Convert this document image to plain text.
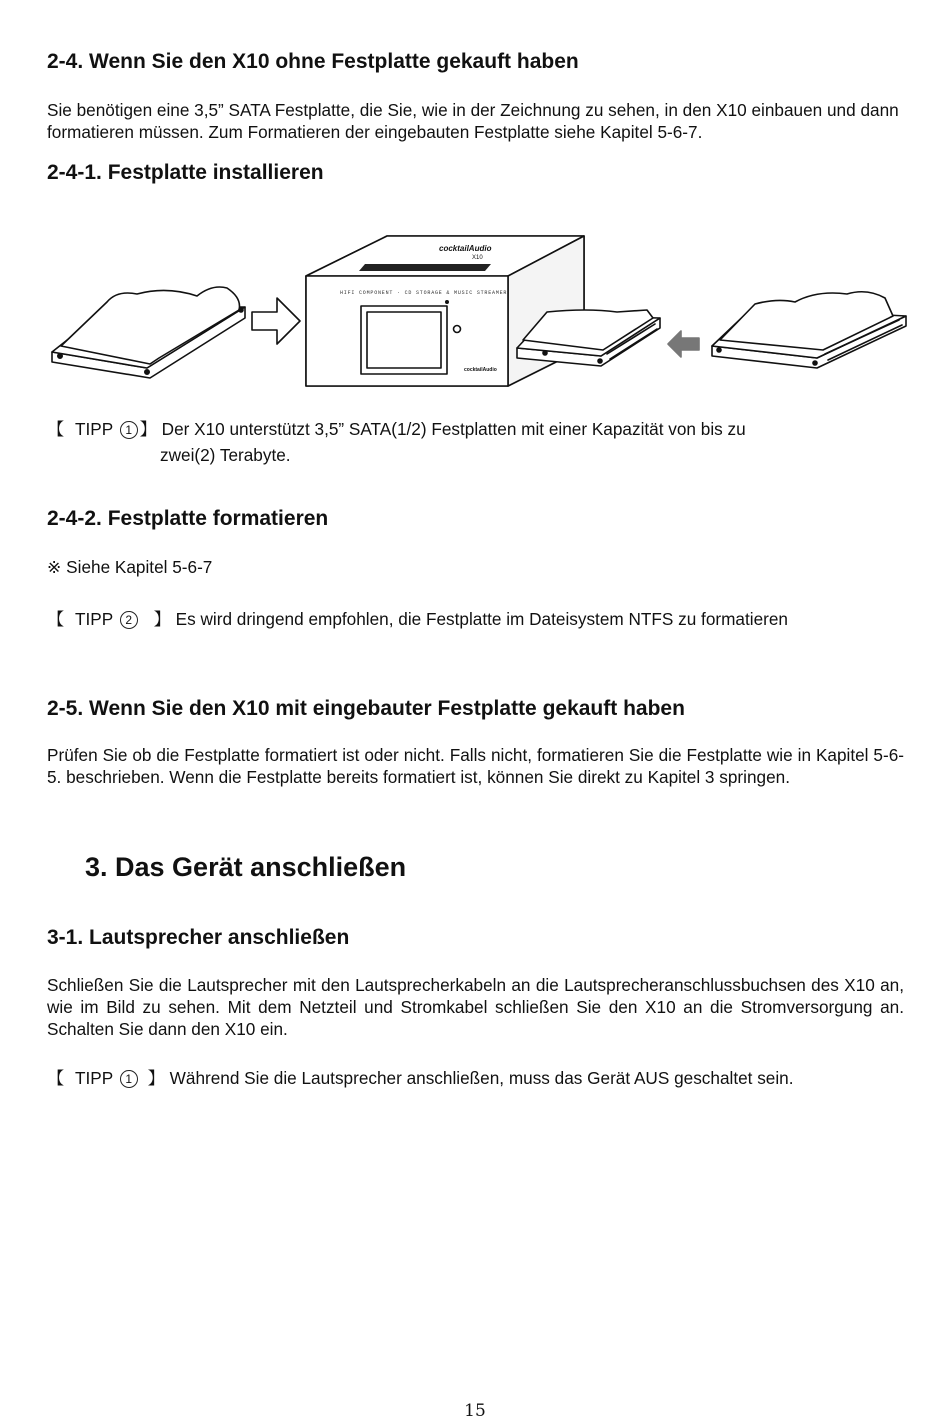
2-4. Wenn Sie den X10 ohne Festplatte gekauft haben

Sie benötigen eine 3,5” SATA Festplatte, die Sie, wie in der Zeichnung zu sehen, in den X10 einbauen und dann formatieren müssen. Zum Formatieren der eingebauten Festplatte siehe Kapitel 5-6-7.

2-4-1. Festplatte installieren
cocktailAudio
X10
HIFI COMPONENT · CD STORAGE & MUSIC STREAMER
cocktailAudio
【 TIPP 1 】 Der X10 unterstützt 3,5” SATA(1/2) Festplatten mit einer Kapazität von bis zu
zwei(2) Terabyte.
2-4-2. Festplatte formatieren
※ Siehe Kapitel 5-6-7
【 TIPP 2 】 Es wird dringend empfohlen, die Festplatte im Dateisystem NTFS zu formatieren
2-5. Wenn Sie den X10 mit eingebauter Festplatte gekauft haben

Prüfen Sie ob die Festplatte formatiert ist oder nicht. Falls nicht, formatieren Sie die Festplatte wie in Kapitel 5-6-5. beschrieben. Wenn die Festplatte bereits formatiert ist, können Sie direkt zu Kapitel 3 springen.

3. Das Gerät anschließen
3-1. Lautsprecher anschließen

Schließen Sie die Lautsprecher mit den Lautsprecherkabeln an die Lautsprecheranschlussbuchsen des X10 an, wie im Bild zu sehen. Mit dem Netzteil und Stromkabel schließen Sie den X10 an die Stromversorgung an. Schalten Sie dann den X10 ein.

【 TIPP 1 】 Während Sie die Lautsprecher anschließen, muss das Gerät AUS geschaltet sein.
15
